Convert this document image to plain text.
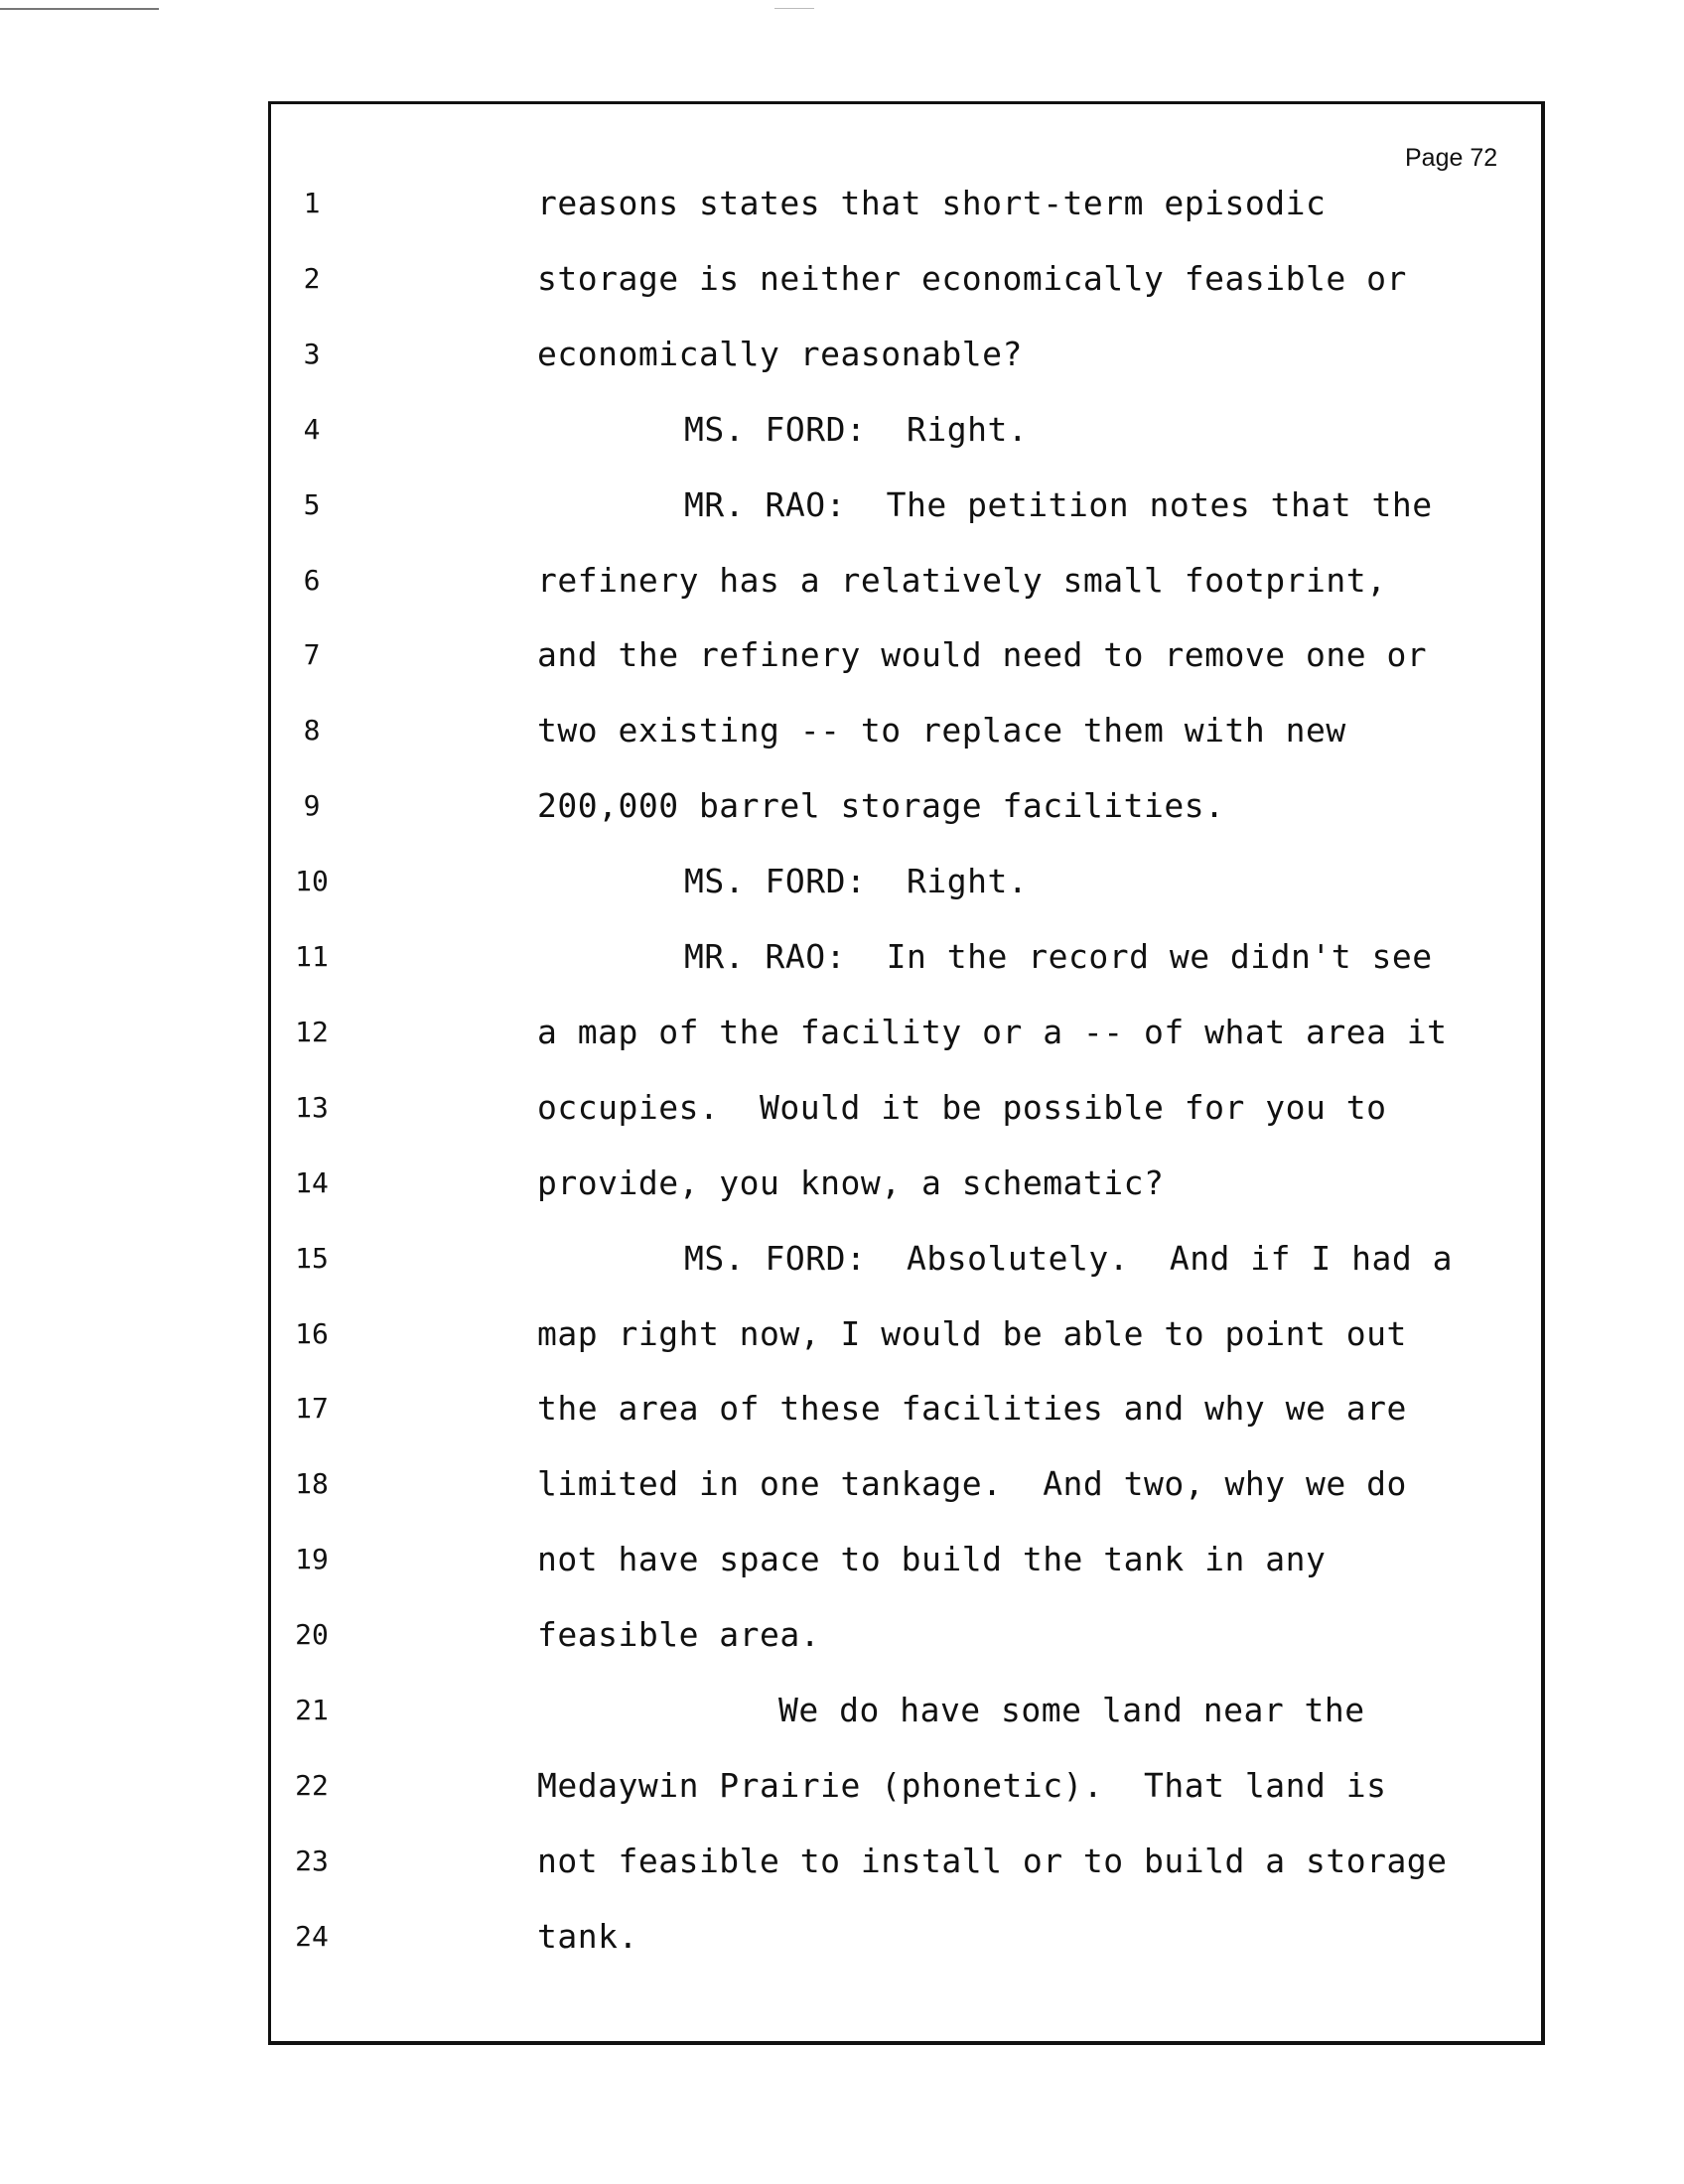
Page 72
1	reasons states that short-term episodic
2	storage is neither economically feasible or
3	economically reasonable?
4	MS. FORD:  Right.
5	MR. RAO:  The petition notes that the
6	refinery has a relatively small footprint,
7	and the refinery would need to remove one or
8	two existing -- to replace them with new
9	200,000 barrel storage facilities.
10	MS. FORD:  Right.
11	MR. RAO:  In the record we didn't see
12	a map of the facility or a -- of what area it
13	occupies.  Would it be possible for you to
14	provide, you know, a schematic?
15	MS. FORD:  Absolutely.  And if I had a
16	map right now, I would be able to point out
17	the area of these facilities and why we are
18	limited in one tankage.  And two, why we do
19	not have space to build the tank in any
20	feasible area.
21	We do have some land near the
22	Medaywin Prairie (phonetic).  That land is
23	not feasible to install or to build a storage
24	tank.
